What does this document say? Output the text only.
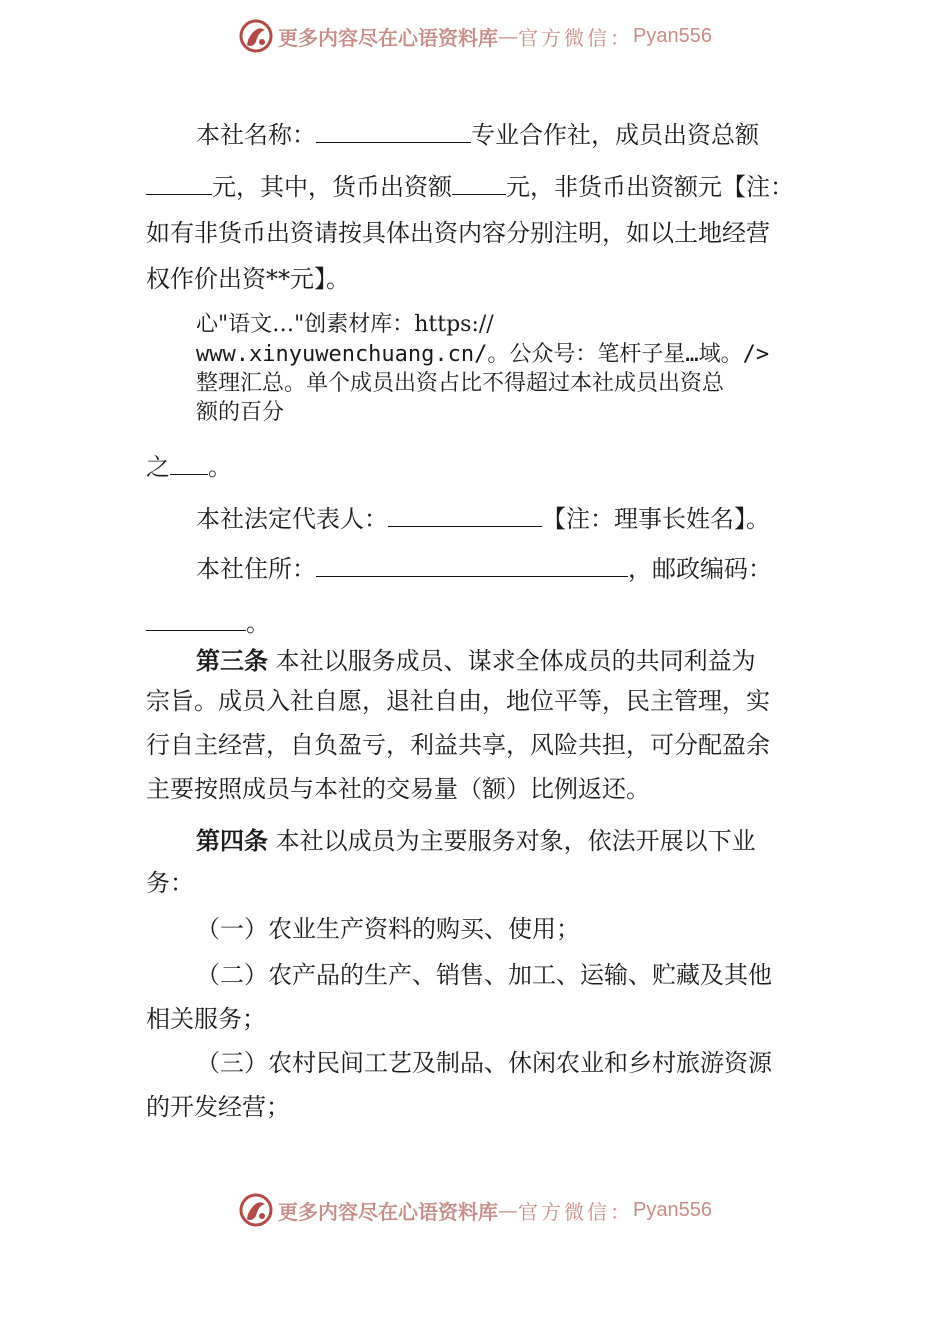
更多内容尽在心语资料库 — 官方微信： Pyan556
本社名称：	专业合作社，成员出资总额
元，其中，货币出资额 元，非货币出资额元【注：
如有非货币出资请按具体出资内容分别注明，如以土地经营
权作价出资**元】。
心"语文…"创素材库：https://
www.xinyuwenchuang.cn/。公众号：笔杆子星…域。/>
整理汇总。单个成员出资占比不得超过本社成员出资总
额的百分
之 。
本社法定代表人：	【注：理事长姓名】。
本社住所：	，邮政编码：
。
第三条 本社以服务成员、谋求全体成员的共同利益为
宗旨。成员入社自愿，退社自由，地位平等，民主管理，实
行自主经营，自负盈亏，利益共享，风险共担，可分配盈余
主要按照成员与本社的交易量（额）比例返还。
第四条 本社以成员为主要服务对象，依法开展以下业
务：
（一）农业生产资料的购买、使用；
（二）农产品的生产、销售、加工、运输、贮藏及其他
相关服务；
（三）农村民间工艺及制品、休闲农业和乡村旅游资源
的开发经营；
更多内容尽在心语资料库 — 官方微信： Pyan556
